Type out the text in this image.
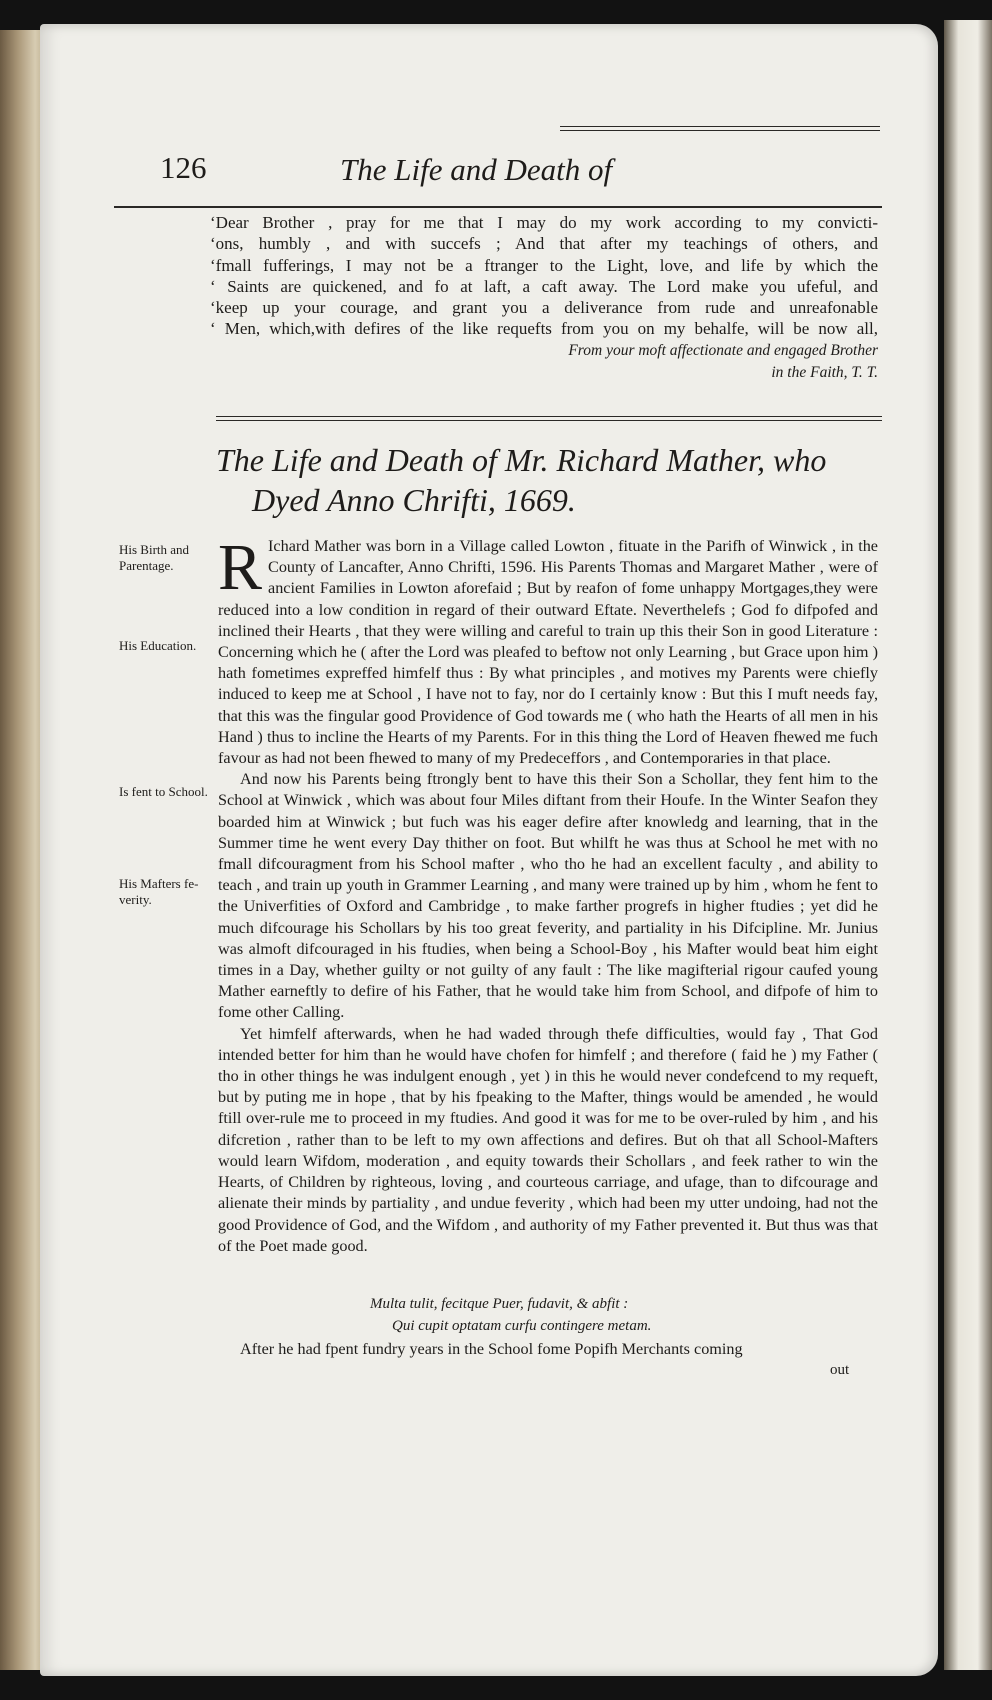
126	The Life and Death of

‘Dear Brother , pray for me that I may do my work according to my convicti-

‘ons, humbly , and with succefs ; And that after my teachings of others, and

‘fmall fufferings, I may not be a ftranger to the Light, love, and life by which the

‘ Saints are quickened, and fo at laft, a caft away. The Lord make you ufeful, and

‘keep up your courage, and grant you a deliverance from rude and unreafonable

‘ Men, which,with defires of the like requefts from you on my behalfe, will be now all,

From your moft affectionate and engaged Brother
in the Faith, T. T.
The Life and Death of Mr. Richard Mather, who
Dyed Anno Chrifti, 1669.
His Birth and Parentage.
His Education.
Is fent to School.
His Mafters fe-verity.

R Ichard Mather was born in a Village called Lowton , fituate in the Parifh of Winwick , in the County of Lancafter, Anno Chrifti, 1596. His Parents Thomas and Margaret Mather , were of ancient Families in Lowton aforefaid ; But by reafon of fome unhappy Mortgages,they were reduced into a low condition in regard of their outward Eftate. Neverthelefs ; God fo difpofed and inclined their Hearts , that they were willing and careful to train up this their Son in good Literature : Concerning which he ( after the Lord was pleafed to beftow not only Learning , but Grace upon him ) hath fometimes expreffed himfelf thus : By what principles , and motives my Parents were chiefly induced to keep me at School , I have not to fay, nor do I certainly know : But this I muft needs fay, that this was the fingular good Providence of God towards me ( who hath the Hearts of all men in his Hand ) thus to incline the Hearts of my Parents. For in this thing the Lord of Heaven fhewed me fuch favour as had not been fhewed to many of my Predeceffors , and Contemporaries in that place.

And now his Parents being ftrongly bent to have this their Son a Schollar, they fent him to the School at Winwick , which was about four Miles diftant from their Houfe. In the Winter Seafon they boarded him at Winwick ; but fuch was his eager defire after knowledg and learning, that in the Summer time he went every Day thither on foot. But whilft he was thus at School he met with no fmall difcouragment from his School mafter , who tho he had an excellent faculty , and ability to teach , and train up youth in Grammer Learning , and many were trained up by him , whom he fent to the Univerfities of Oxford and Cambridge , to make farther progrefs in higher ftudies ; yet did he much difcourage his Schollars by his too great feverity, and partiality in his Difcipline. Mr. Junius was almoft difcouraged in his ftudies, when being a School-Boy , his Mafter would beat him eight times in a Day, whether guilty or not guilty of any fault : The like magifterial rigour caufed young Mather earneftly to defire of his Father, that he would take him from School, and difpofe of him to fome other Calling.

Yet himfelf afterwards, when he had waded through thefe difficulties, would fay , That God intended better for him than he would have chofen for himfelf ; and therefore ( faid he ) my Father ( tho in other things he was indulgent enough , yet ) in this he would never condefcend to my requeft, but by puting me in hope , that by his fpeaking to the Mafter, things would be amended , he would ftill over-rule me to proceed in my ftudies. And good it was for me to be over-ruled by him , and his difcretion , rather than to be left to my own affections and defires. But oh that all School-Mafters would learn Wifdom, moderation , and equity towards their Schollars , and feek rather to win the Hearts, of Children by righteous, loving , and courteous carriage, and ufage, than to difcourage and alienate their minds by partiality , and undue feverity , which had been my utter undoing, had not the good Providence of God, and the Wifdom , and authority of my Father prevented it. But thus was that of the Poet made good.

Multa tulit, fecitque Puer, fudavit, & abfit :
Qui cupit optatam curfu contingere metam.
After he had fpent fundry years in the School fome Popifh Merchants coming
out
